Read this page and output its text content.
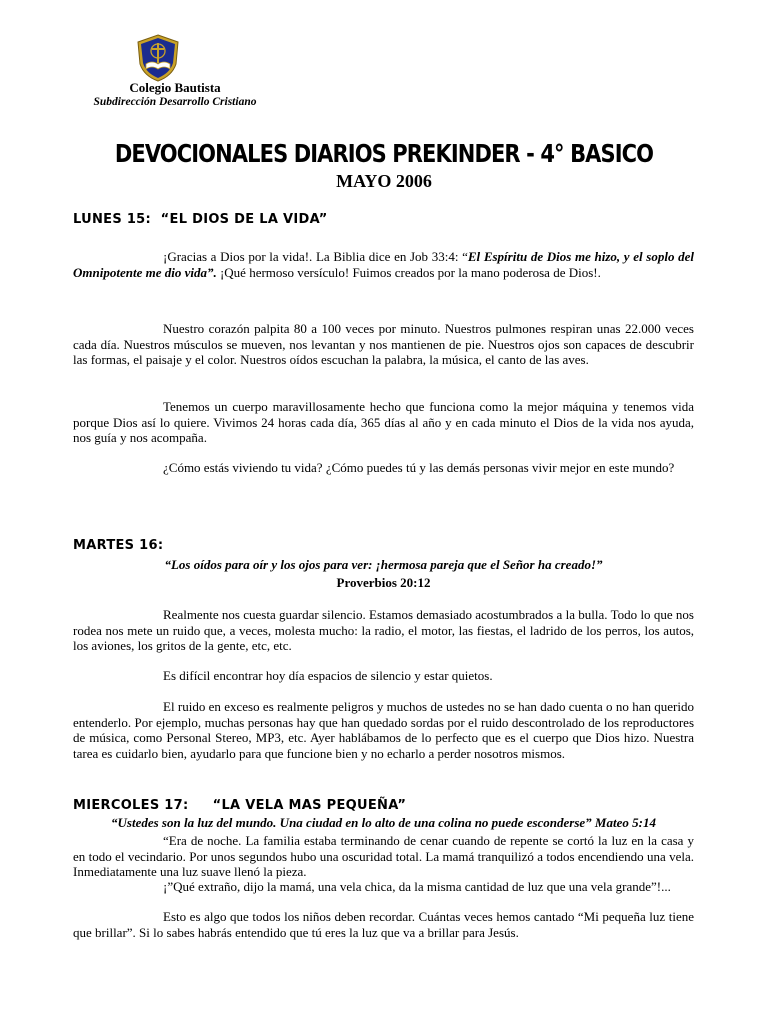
Colegio Bautista
Subdirección Desarrollo Cristiano
DEVOCIONALES DIARIOS PREKINDER - 4° BASICO
MAYO 2006
LUNES 15:  “EL DIOS DE LA VIDA”
¡Gracias a Dios por la vida!. La Biblia dice en Job 33:4: “El Espíritu de Dios me hizo, y el soplo del Omnipotente me dio vida”. ¡Qué hermoso versículo! Fuimos creados por la mano poderosa de Dios!.
Nuestro corazón palpita 80 a 100 veces por minuto. Nuestros pulmones respiran unas 22.000 veces cada día. Nuestros músculos se mueven, nos levantan y nos mantienen de pie. Nuestros ojos son capaces de descubrir las formas, el paisaje y el color. Nuestros oídos escuchan la palabra, la música, el canto de las aves.
Tenemos un cuerpo maravillosamente hecho que funciona como la mejor máquina y tenemos vida porque Dios así lo quiere. Vivimos 24 horas cada día, 365 días al año y en cada minuto el Dios de la vida nos ayuda, nos guía y nos acompaña.
¿Cómo estás viviendo tu vida? ¿Cómo puedes tú y las demás personas vivir mejor en este mundo?
MARTES 16:
“Los oídos para oír y los ojos para ver: ¡hermosa pareja que el Señor ha creado!”
Proverbios 20:12
Realmente nos cuesta guardar silencio. Estamos demasiado acostumbrados a la bulla. Todo lo que nos rodea nos mete un ruido que, a veces, molesta mucho: la radio, el motor, las fiestas, el ladrido de los perros, los autos, los aviones, los gritos de la gente, etc, etc.
Es difícil encontrar hoy día espacios de silencio y estar quietos.
El ruido en exceso es realmente peligros y muchos de ustedes no se han dado cuenta o no han querido entenderlo. Por ejemplo, muchas personas hay que han quedado sordas por el ruido descontrolado de los reproductores de música, como Personal Stereo, MP3, etc. Ayer hablábamos de lo perfecto que es el cuerpo que Dios hizo. Nuestra tarea es cuidarlo bien, ayudarlo para que funcione bien y no echarlo a perder nosotros mismos.
MIERCOLES 17:     “LA VELA MAS PEQUEÑA”
“Ustedes son la luz del mundo. Una ciudad en lo alto de una colina no puede esconderse” Mateo 5:14
“Era de noche. La familia estaba terminando de cenar cuando de repente se cortó la luz en la casa y en todo el vecindario. Por unos segundos hubo una oscuridad total. La mamá tranquilizó a todos encendiendo una vela. Inmediatamente una luz suave llenó la pieza.
¡”Qué extraño, dijo la mamá, una vela chica, da la misma cantidad de luz que una vela grande”!...
Esto es algo que todos los niños deben recordar. Cuántas veces hemos cantado “Mi pequeña luz tiene que brillar”. Si lo sabes habrás entendido que tú eres la luz que va a brillar para Jesús.
